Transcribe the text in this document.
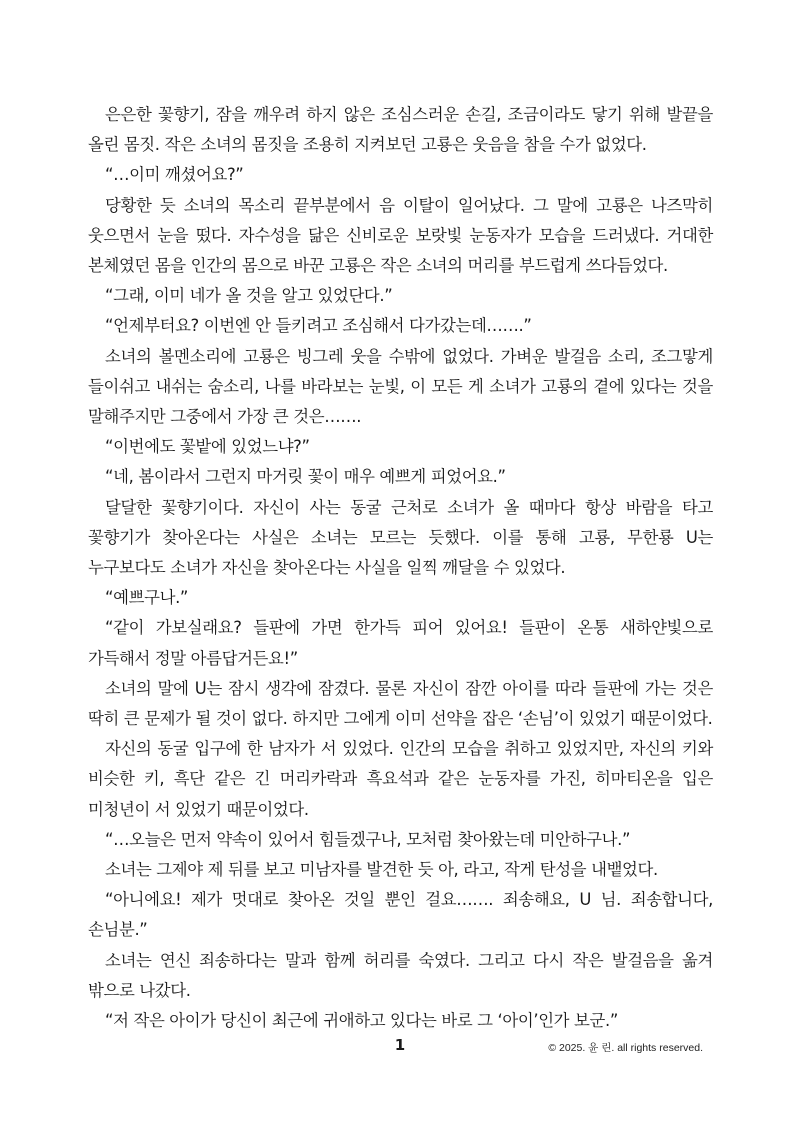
은은한 꽃향기, 잠을 깨우려 하지 않은 조심스러운 손길, 조금이라도 닿기 위해 발끝을 올린 몸짓. 작은 소녀의 몸짓을 조용히 지켜보던 고룡은 웃음을 참을 수가 없었다.

“…이미 깨셨어요?”

당황한 듯 소녀의 목소리 끝부분에서 음 이탈이 일어났다. 그 말에 고룡은 나즈막히 웃으면서 눈을 떴다. 자수성을 닮은 신비로운 보랏빛 눈동자가 모습을 드러냈다. 거대한 본체였던 몸을 인간의 몸으로 바꾼 고룡은 작은 소녀의 머리를 부드럽게 쓰다듬었다.

“그래, 이미 네가 올 것을 알고 있었단다.”

“언제부터요? 이번엔 안 들키려고 조심해서 다가갔는데…….”

소녀의 볼멘소리에 고룡은 빙그레 웃을 수밖에 없었다. 가벼운 발걸음 소리, 조그맣게 들이쉬고 내쉬는 숨소리, 나를 바라보는 눈빛, 이 모든 게 소녀가 고룡의 곁에 있다는 것을 말해주지만 그중에서 가장 큰 것은…….

“이번에도 꽃밭에 있었느냐?”

“네, 봄이라서 그런지 마거릿 꽃이 매우 예쁘게 피었어요.”

달달한 꽃향기이다. 자신이 사는 동굴 근처로 소녀가 올 때마다 항상 바람을 타고 꽃향기가 찾아온다는 사실은 소녀는 모르는 듯했다. 이를 통해 고룡, 무한룡 U는 누구보다도 소녀가 자신을 찾아온다는 사실을 일찍 깨달을 수 있었다.

“예쁘구나.”

“같이 가보실래요? 들판에 가면 한가득 피어 있어요! 들판이 온통 새하얀빛으로 가득해서 정말 아름답거든요!”

소녀의 말에 U는 잠시 생각에 잠겼다. 물론 자신이 잠깐 아이를 따라 들판에 가는 것은 딱히 큰 문제가 될 것이 없다. 하지만 그에게 이미 선약을 잡은 ‘손님’이 있었기 때문이었다.

자신의 동굴 입구에 한 남자가 서 있었다. 인간의 모습을 취하고 있었지만, 자신의 키와 비슷한 키, 흑단 같은 긴 머리카락과 흑요석과 같은 눈동자를 가진, 히마티온을 입은 미청년이 서 있었기 때문이었다.

“…오늘은 먼저 약속이 있어서 힘들겠구나, 모처럼 찾아왔는데 미안하구나.”

소녀는 그제야 제 뒤를 보고 미남자를 발견한 듯 아, 라고, 작게 탄성을 내뱉었다.

“아니에요! 제가 멋대로 찾아온 것일 뿐인 걸요……. 죄송해요, U 님. 죄송합니다, 손님분.”

소녀는 연신 죄송하다는 말과 함께 허리를 숙였다. 그리고 다시 작은 발걸음을 옮겨 밖으로 나갔다.

“저 작은 아이가 당신이 최근에 귀애하고 있다는 바로 그 ‘아이’인가 보군.”

1	© 2025. 윤 린. all rights reserved.
